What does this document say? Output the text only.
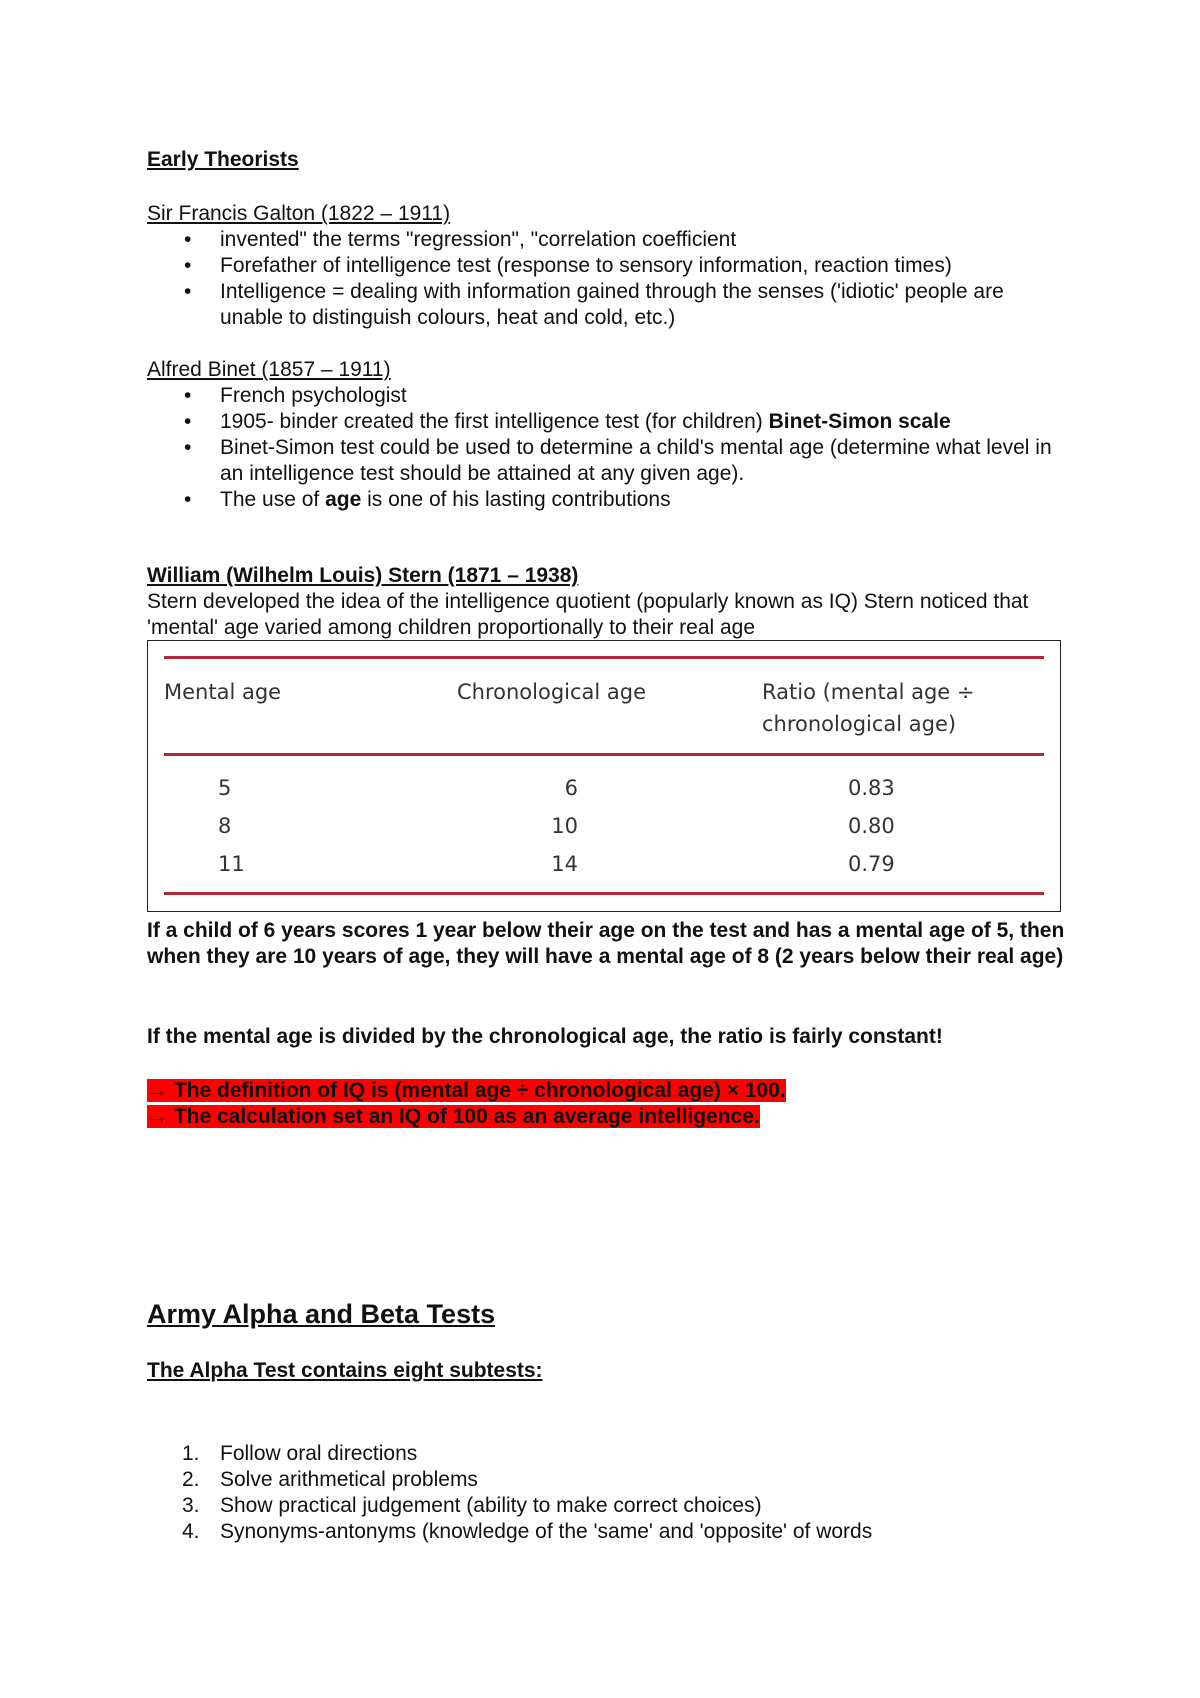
Early Theorists
Sir Francis Galton (1822 – 1911)
• invented" the terms "regression", "correlation coefficient
• Forefather of intelligence test (response to sensory information, reaction times)
• Intelligence = dealing with information gained through the senses ('idiotic' people are unable to distinguish colours, heat and cold, etc.)
Alfred Binet (1857 – 1911)
• French psychologist
• 1905- binder created the first intelligence test (for children) Binet-Simon scale
• Binet-Simon test could be used to determine a child's mental age (determine what level in an intelligence test should be attained at any given age).
• The use of age is one of his lasting contributions
William (Wilhelm Louis) Stern (1871 – 1938)
Stern developed the idea of the intelligence quotient (popularly known as IQ) Stern noticed that 'mental' age varied among children proportionally to their real age
Mental age	Chronological age	Ratio (mental age ÷
chronological age)
5	6	0.83
8	10	0.80
11	14	0.79
If a child of 6 years scores 1 year below their age on the test and has a mental age of 5, then when they are 10 years of age, they will have a mental age of 8 (2 years below their real age)
If the mental age is divided by the chronological age, the ratio is fairly constant!
→ The definition of IQ is (mental age ÷ chronological age) × 100.
→ The calculation set an IQ of 100 as an average intelligence.
Army Alpha and Beta Tests
The Alpha Test contains eight subtests:
1. Follow oral directions
2. Solve arithmetical problems
3. Show practical judgement (ability to make correct choices)
4. Synonyms-antonyms (knowledge of the 'same' and 'opposite' of words
